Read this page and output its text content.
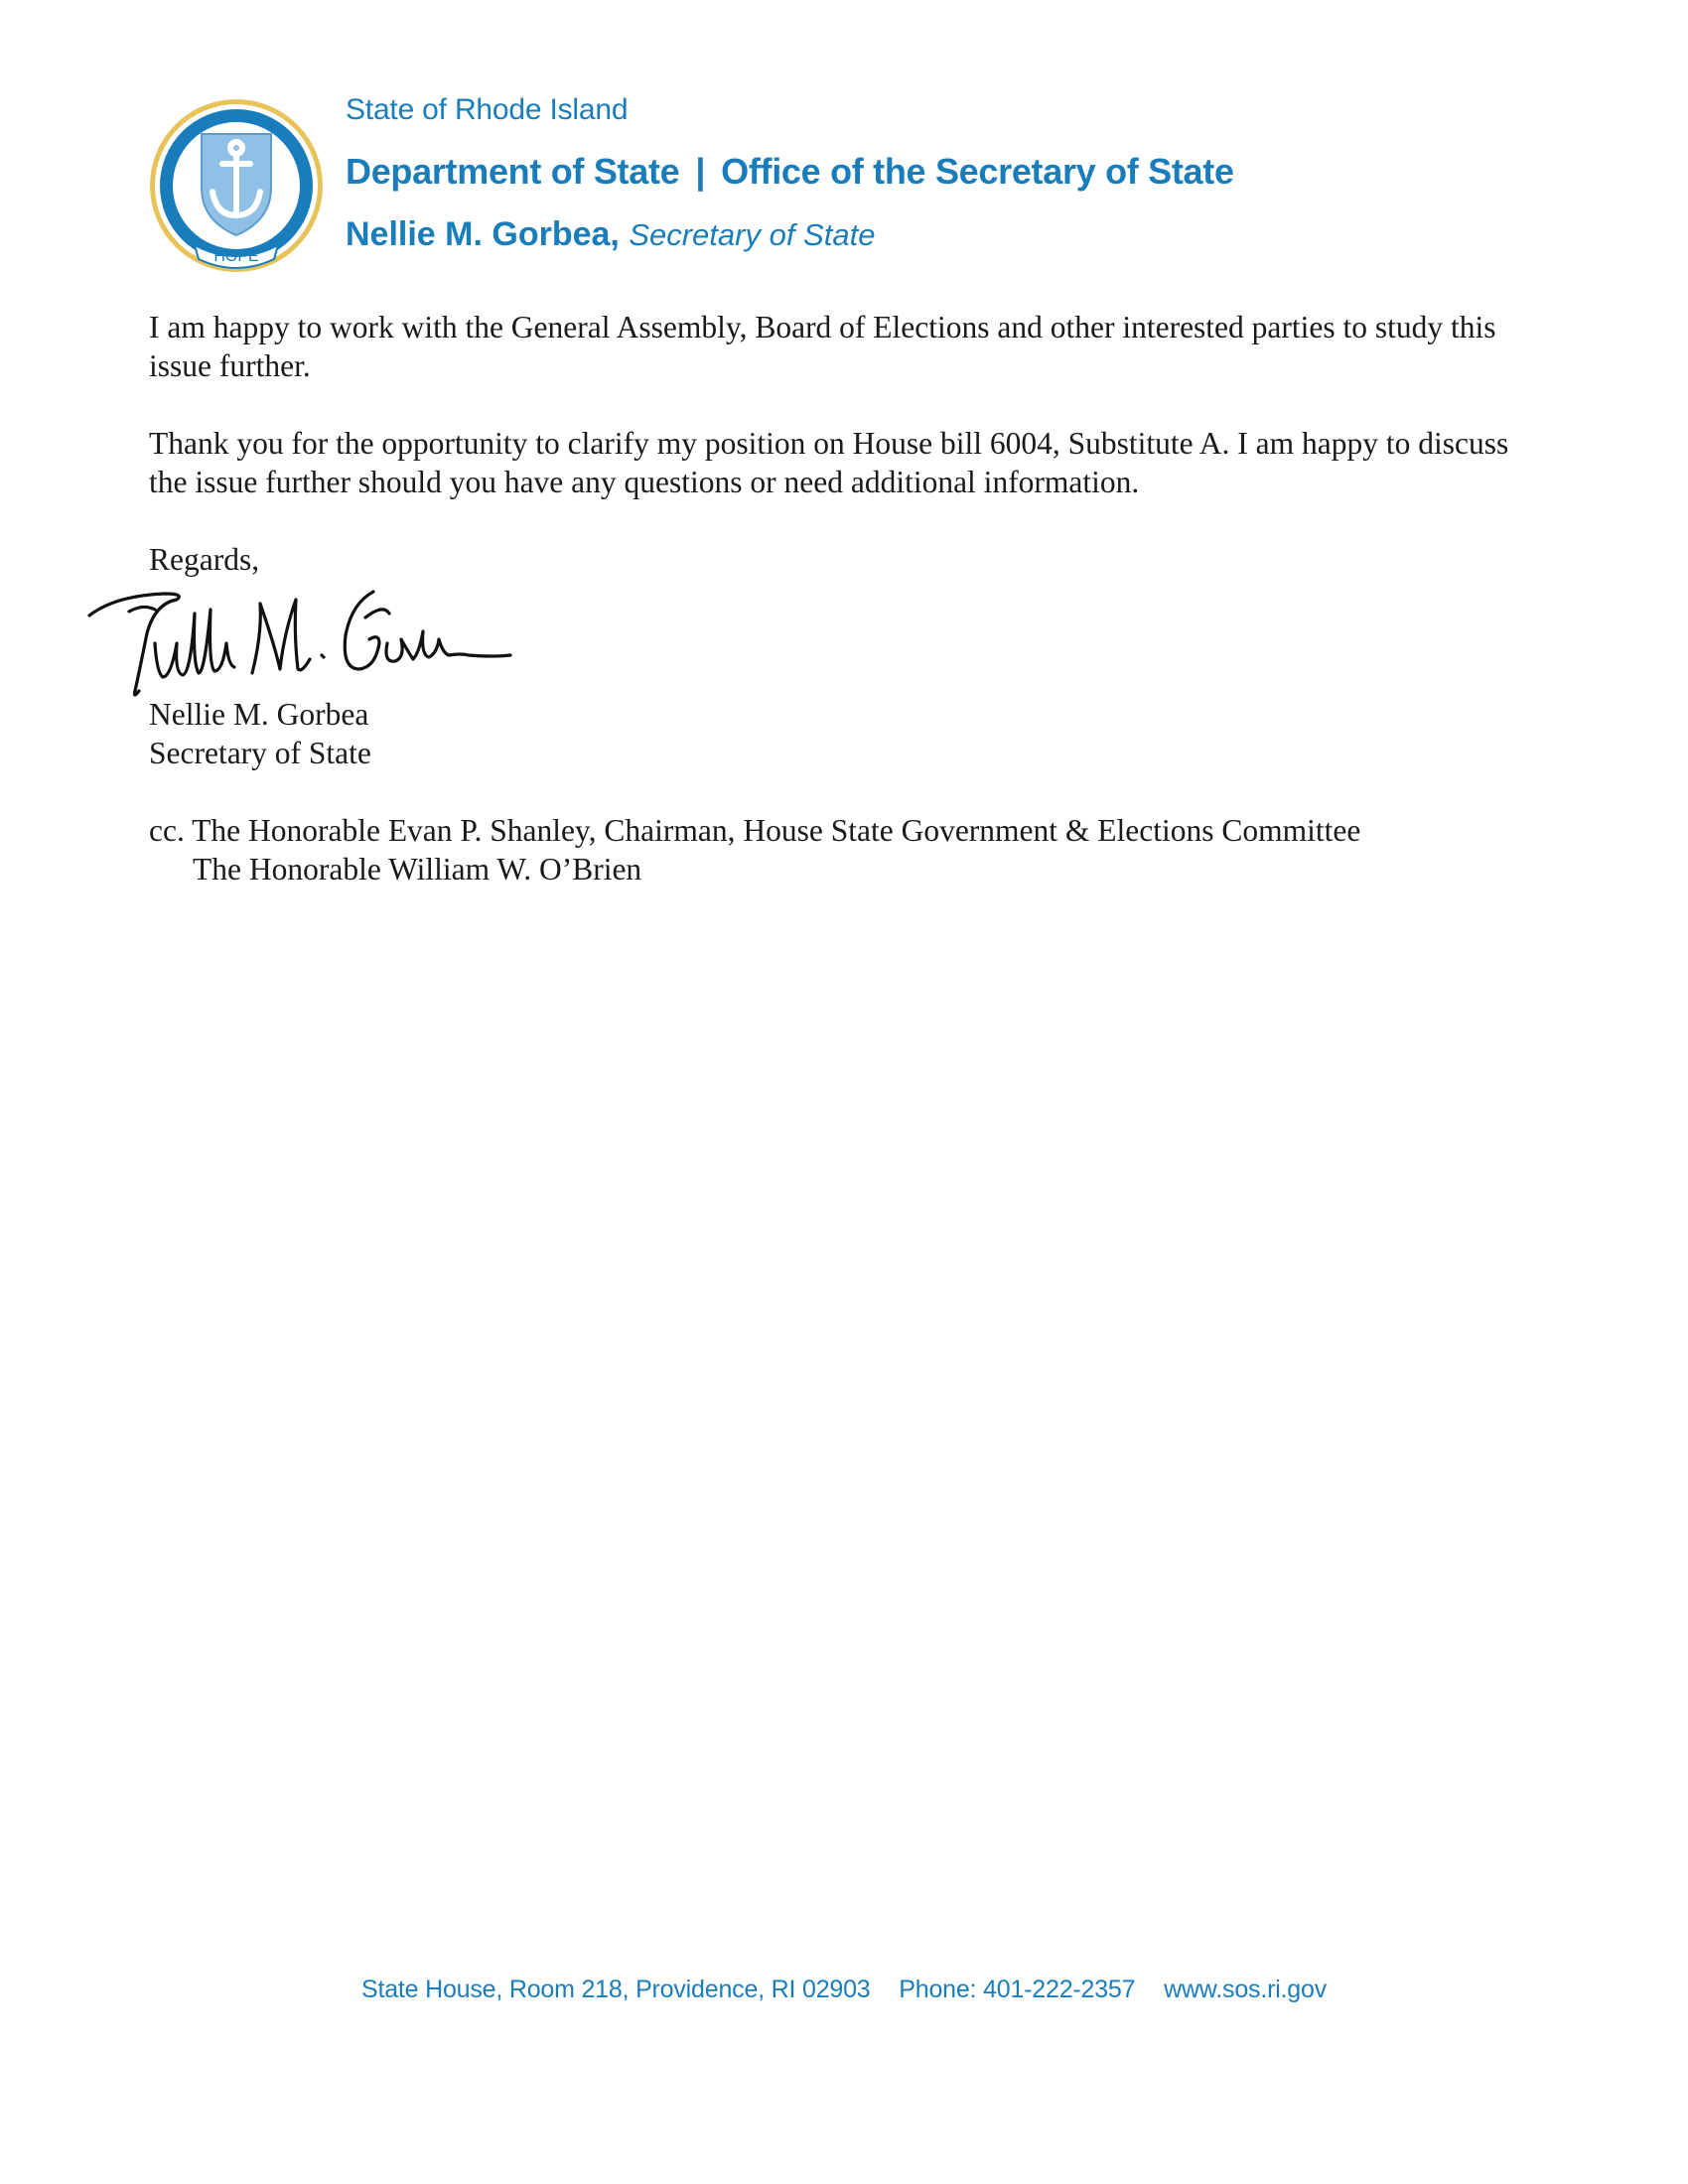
HOPE
State of Rhode Island
Department of State | Office of the Secretary of State
Nellie M. Gorbea, Secretary of State

I am happy to work with the General Assembly, Board of Elections and other interested parties to study this issue further.

Thank you for the opportunity to clarify my position on House bill 6004, Substitute A. I am happy to discuss the issue further should you have any questions or need additional information.

Regards,

Nellie M. Gorbea

Secretary of State

cc. The Honorable Evan P. Shanley, Chairman, House State Government & Elections Committee

The Honorable William W. O’Brien

State House, Room 218, Providence, RI 02903 Phone: 401-222-2357 www.sos.ri.gov
